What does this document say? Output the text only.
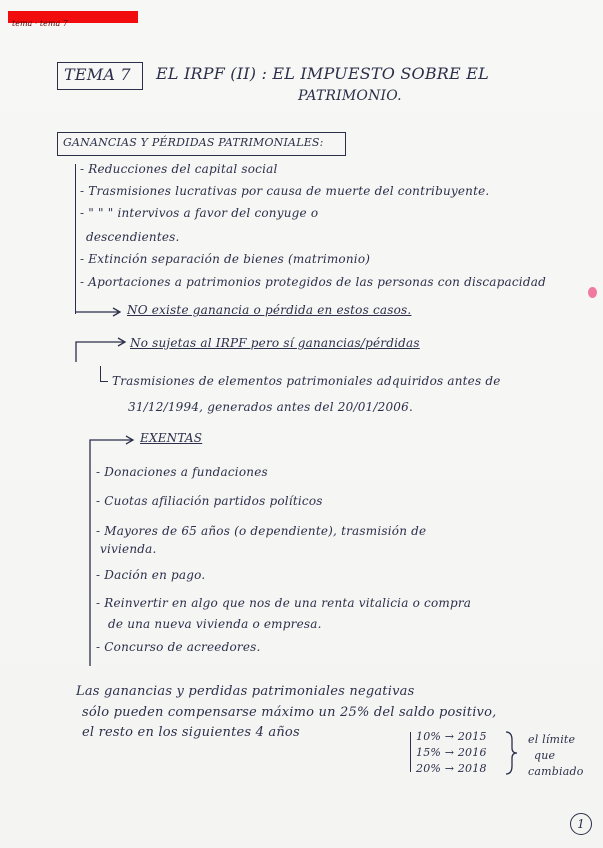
tema · tema 7
TEMA 7 EL IRPF (II) : EL IMPUESTO SOBRE EL
PATRIMONIO.
GANANCIAS Y PÉRDIDAS PATRIMONIALES:
- Reducciones del capital social
- Trasmisiones lucrativas por causa de muerte del contribuyente.
- " " " intervivos a favor del conyuge o
descendientes.
- Extinción separación de bienes (matrimonio)
- Aportaciones a patrimonios protegidos de las personas con discapacidad
NO existe ganancia o pérdida en estos casos.
No sujetas al IRPF pero sí ganancias/pérdidas
Trasmisiones de elementos patrimoniales adquiridos antes de
31/12/1994, generados antes del 20/01/2006.
EXENTAS
- Donaciones a fundaciones
- Cuotas afiliación partidos políticos
- Mayores de 65 años (o dependiente), trasmisión de
vivienda.
- Dación en pago.
- Reinvertir en algo que nos de una renta vitalicia o compra
de una nueva vivienda o empresa.
- Concurso de acreedores.
Las ganancias y perdidas patrimoniales negativas
sólo pueden compensarse máximo un 25% del saldo positivo,
el resto en los siguientes 4 años	10% → 2015
15% → 2016
20% → 2018
el límite
que
cambiado
1
